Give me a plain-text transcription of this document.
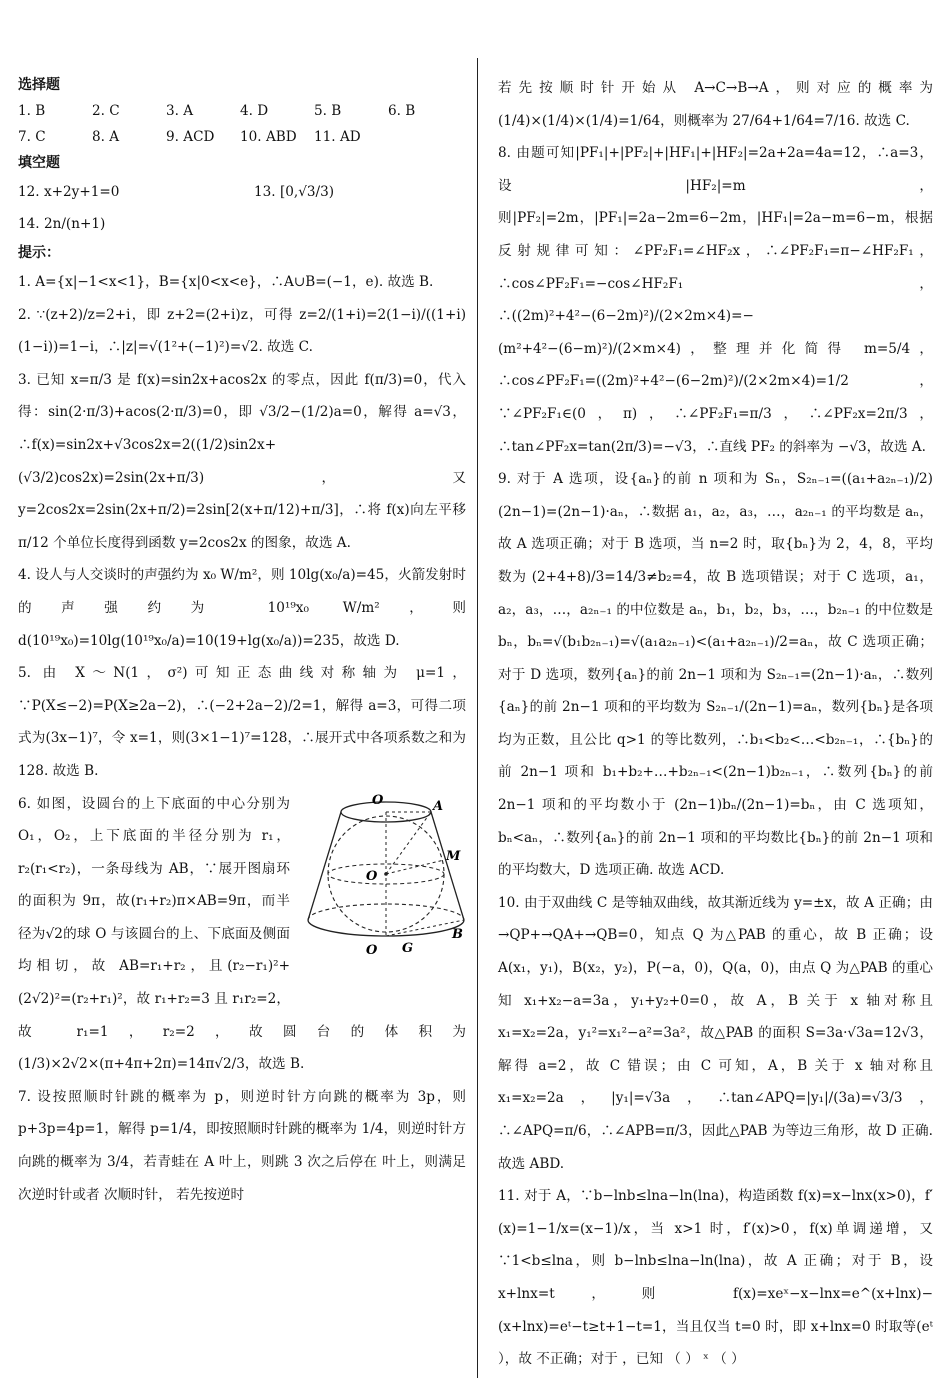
选择题

1. B	2. C	3. A	4. D	5. B	6. B
7. C	8. A	9. ACD	10. ABD	11. AD

填空题

12. x+2y+1=0	13. [0,√3/3)
14. 2n/(n+1)

提示：

1. A={x|−1<x<1}，B={x|0<x<e}，∴A∪B=(−1，e). 故选 B.

2. ∵(z+2)/z=2+i，即 z+2=(2+i)z，可得 z=2/(1+i)=2(1−i)/((1+i)(1−i))=1−i，∴|z|=√(1²+(−1)²)=√2. 故选 C.

3. 已知 x=π/3 是 f(x)=sin2x+acos2x 的零点，因此 f(π/3)=0，代入得：sin(2·π/3)+acos(2·π/3)=0，即 √3/2−(1/2)a=0，解得 a=√3，∴f(x)=sin2x+√3cos2x=2((1/2)sin2x+(√3/2)cos2x)=2sin(2x+π/3)，又 y=2cos2x=2sin(2x+π/2)=2sin[2(x+π/12)+π/3]，∴将 f(x)向左平移 π/12 个单位长度得到函数 y=2cos2x 的图象，故选 A.

4. 设人与人交谈时的声强约为 x₀ W/m²，则 10lg(x₀/a)=45，火箭发射时的声强约为 10¹⁹x₀ W/m²，则 d(10¹⁹x₀)=10lg(10¹⁹x₀/a)=10(19+lg(x₀/a))=235，故选 D.

5. 由 X～N(1，σ²)可知正态曲线对称轴为 μ=1，∵P(X≤−2)=P(X≥2a−2)，∴(−2+2a−2)/2=1，解得 a=3，可得二项式为(3x−1)⁷，令 x=1，则(3×1−1)⁷=128，∴展开式中各项系数之和为 128. 故选 B.

O	A
M
O
O G
B

6. 如图，设圆台的上下底面的中心分别为 O₁，O₂，上下底面的半径分别为 r₁，r₂(r₁<r₂)，一条母线为 AB，∵展开图扇环的面积为 9π，故(r₁+r₂)π×AB=9π，而半径为√2的球 O 与该圆台的上、下底面及侧面均相切，故 AB=r₁+r₂，且(r₂−r₁)²+(2√2)²=(r₂+r₁)²，故 r₁+r₂=3 且 r₁r₂=2，故 r₁=1，r₂=2，故圆台的体积为 (1/3)×2√2×(π+4π+2π)=14π√2/3，故选 B.

7. 设按照顺时针跳的概率为 p，则逆时针方向跳的概率为 3p，则 p+3p=4p=1，解得 p=1/4，即按照顺时针跳的概率为 1/4，则逆时针方向跳的概率为 3/4，若青蛙在 A 叶上，则跳 3 次之后停在 叶上，则满足 次逆时针或者 次顺时针， 若先按逆时

若先按顺时针开始从 A→C→B→A，则对应的概率为 (1/4)×(1/4)×(1/4)=1/64，则概率为 27/64+1/64=7/16. 故选 C.

8. 由题可知|PF₁|+|PF₂|+|HF₁|+|HF₂|=2a+2a=4a=12，∴a=3，设|HF₂|=m，则|PF₂|=2m，|PF₁|=2a−2m=6−2m，|HF₁|=2a−m=6−m，根据反射规律可知：∠PF₂F₁=∠HF₂x，∴∠PF₂F₁=π−∠HF₂F₁，∴cos∠PF₂F₁=−cos∠HF₂F₁，∴((2m)²+4²−(6−2m)²)/(2×2m×4)=−(m²+4²−(6−m)²)/(2×m×4)，整理并化简得 m=5/4，∴cos∠PF₂F₁=((2m)²+4²−(6−2m)²)/(2×2m×4)=1/2，∵∠PF₂F₁∈(0，π)，∴∠PF₂F₁=π/3，∴∠PF₂x=2π/3，∴tan∠PF₂x=tan(2π/3)=−√3，∴直线 PF₂ 的斜率为 −√3，故选 A.

9. 对于 A 选项，设{aₙ}的前 n 项和为 Sₙ，S₂ₙ₋₁=((a₁+a₂ₙ₋₁)/2)(2n−1)=(2n−1)·aₙ，∴数据 a₁，a₂，a₃，…，a₂ₙ₋₁ 的平均数是 aₙ，故 A 选项正确；对于 B 选项，当 n=2 时，取{bₙ}为 2，4，8，平均数为 (2+4+8)/3=14/3≠b₂=4，故 B 选项错误；对于 C 选项，a₁，a₂，a₃，…，a₂ₙ₋₁ 的中位数是 aₙ，b₁，b₂，b₃，…，b₂ₙ₋₁ 的中位数是 bₙ，bₙ=√(b₁b₂ₙ₋₁)=√(a₁a₂ₙ₋₁)<(a₁+a₂ₙ₋₁)/2=aₙ，故 C 选项正确；对于 D 选项，数列{aₙ}的前 2n−1 项和为 S₂ₙ₋₁=(2n−1)·aₙ，∴数列{aₙ}的前 2n−1 项和的平均数为 S₂ₙ₋₁/(2n−1)=aₙ，数列{bₙ}是各项均为正数，且公比 q>1 的等比数列，∴b₁<b₂<…<b₂ₙ₋₁，∴{bₙ}的前 2n−1 项和 b₁+b₂+…+b₂ₙ₋₁<(2n−1)b₂ₙ₋₁，∴数列{bₙ}的前 2n−1 项和的平均数小于 (2n−1)bₙ/(2n−1)=bₙ，由 C 选项知，bₙ<aₙ，∴数列{aₙ}的前 2n−1 项和的平均数比{bₙ}的前 2n−1 项和的平均数大，D 选项正确. 故选 ACD.

10. 由于双曲线 C 是等轴双曲线，故其渐近线为 y=±x，故 A 正确；由 →QP+→QA+→QB=0，知点 Q 为△PAB 的重心，故 B 正确；设 A(x₁，y₁)，B(x₂，y₂)，P(−a，0)，Q(a，0)，由点 Q 为△PAB 的重心知 x₁+x₂−a=3a，y₁+y₂+0=0，故 A，B 关于 x 轴对称且 x₁=x₂=2a，y₁²=x₁²−a²=3a²，故△PAB 的面积 S=3a·√3a=12√3，解得 a=2，故 C 错误；由 C 可知，A，B 关于 x 轴对称且 x₁=x₂=2a，|y₁|=√3a，∴tan∠APQ=|y₁|/(3a)=√3/3，∴∠APQ=π/6，∴∠APB=π/3，因此△PAB 为等边三角形，故 D 正确. 故选 ABD.

11. 对于 A，∵b−lnb≤lna−ln(lna)，构造函数 f(x)=x−lnx(x>0)，f′(x)=1−1/x=(x−1)/x，当 x>1 时，f′(x)>0，f(x)单调递增，又∵1<b≤lna，则 b−lnb≤lna−ln(lna)，故 A 正确；对于 B，设 x+lnx=t，则 f(x)=xeˣ−x−lnx=e^(x+lnx)−(x+lnx)=eᵗ−t≥t+1−t=1，当且仅当 t=0 时，即 x+lnx=0 时取等(eᵗ ），故 不正确；对于 ，已知 （ ） ˣ （ ）
